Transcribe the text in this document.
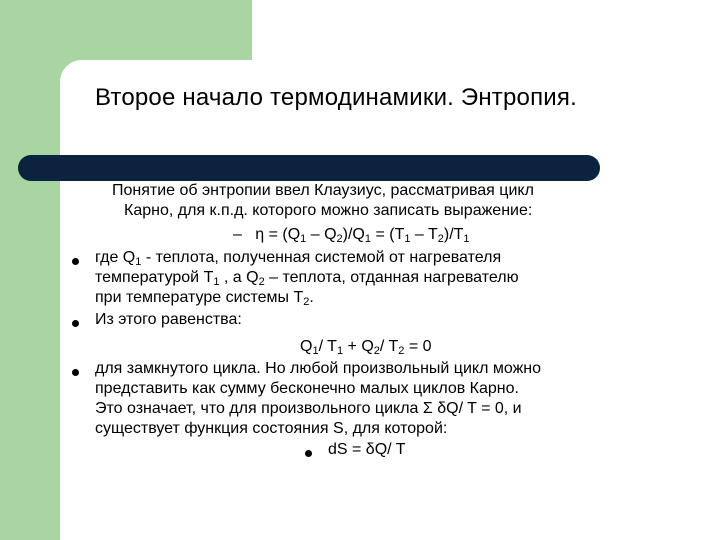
Второе начало термодинамики. Энтропия.
Понятие об энтропии ввел Клаузиус, рассматривая цикл
Карно, для к.п.д. которого можно записать выражение:
– $\eta = (Q_1 - Q_2)/Q_1 = (T_1 - T_2)/T_1$
где $Q_1$ - теплота, полученная системой от нагревателя
температурой $T_1$ , а $Q_2$ – теплота, отданная нагревателю
при температуре системы $T_2$.
Из этого равенства:
$Q_1/$ $T_1 + Q_2/$ $T_2 = 0$
для замкнутого цикла. Но любой произвольный цикл можно
представить как сумму бесконечно малых циклов Карно.
Это означает, что для произвольного цикла Σ δQ/ T = 0, и
существует функция состояния S, для которой:
dS = δQ/ T
